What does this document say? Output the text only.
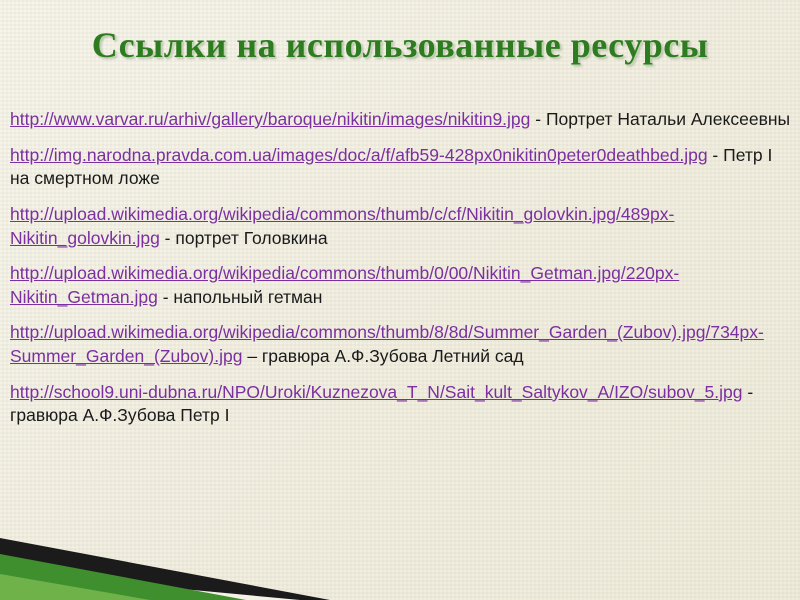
Ссылки на использованные ресурсы

http://www.varvar.ru/arhiv/gallery/baroque/nikitin/images/nikitin9.jpg - Портрет Натальи Алексеевны

http://img.narodna.pravda.com.ua/images/doc/a/f/afb59-428px0nikitin0peter0deathbed.jpg - Петр I на смертном ложе

http://upload.wikimedia.org/wikipedia/commons/thumb/c/cf/Nikitin_golovkin.jpg/489px-Nikitin_golovkin.jpg - портрет Головкина

http://upload.wikimedia.org/wikipedia/commons/thumb/0/00/Nikitin_Getman.jpg/220px-Nikitin_Getman.jpg - напольный гетман

http://upload.wikimedia.org/wikipedia/commons/thumb/8/8d/Summer_Garden_(Zubov).jpg/734px-Summer_Garden_(Zubov).jpg – гравюра А.Ф.Зубова Летний сад

http://school9.uni-dubna.ru/NPO/Uroki/Kuznezova_T_N/Sait_kult_Saltykov_A/IZO/subov_5.jpg - гравюра А.Ф.Зубова Петр I
